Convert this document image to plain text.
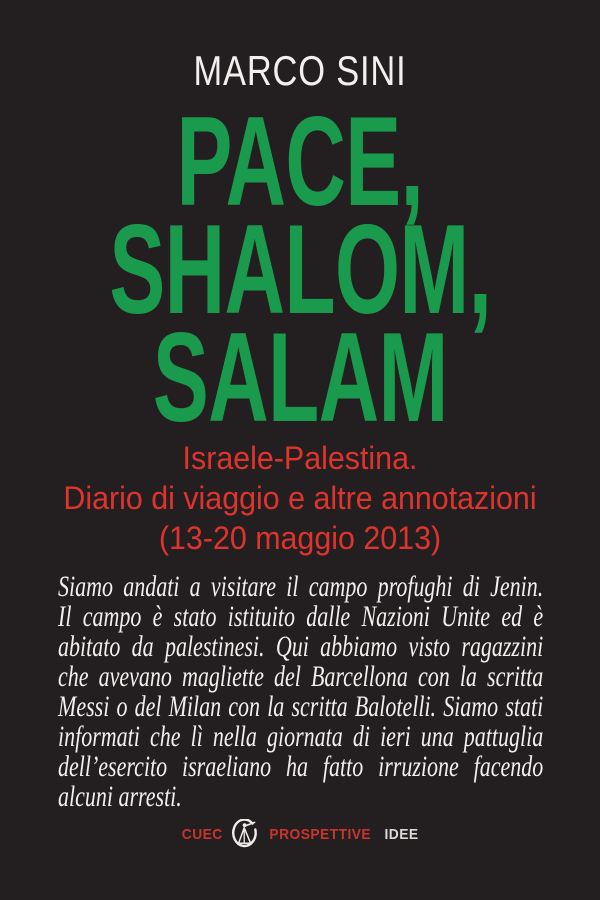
MARCO SINI
PACE,
SHALOM,
SALAM
Israele-Palestina.
Diario di viaggio e altre annotazioni
(13-20 maggio 2013)
Siamo andati a visitare il campo profughi di Jenin.
Il campo è stato istituito dalle Nazioni Unite ed è
abitato da palestinesi. Qui abbiamo visto ragazzini
che avevano magliette del Barcellona con la scritta
Messi o del Milan con la scritta Balotelli. Siamo stati
informati che lì nella giornata di ieri una pattuglia
dell’esercito israeliano ha fatto irruzione facendo
alcuni arresti.
CUEC	PROSPETTIVE IDEE
